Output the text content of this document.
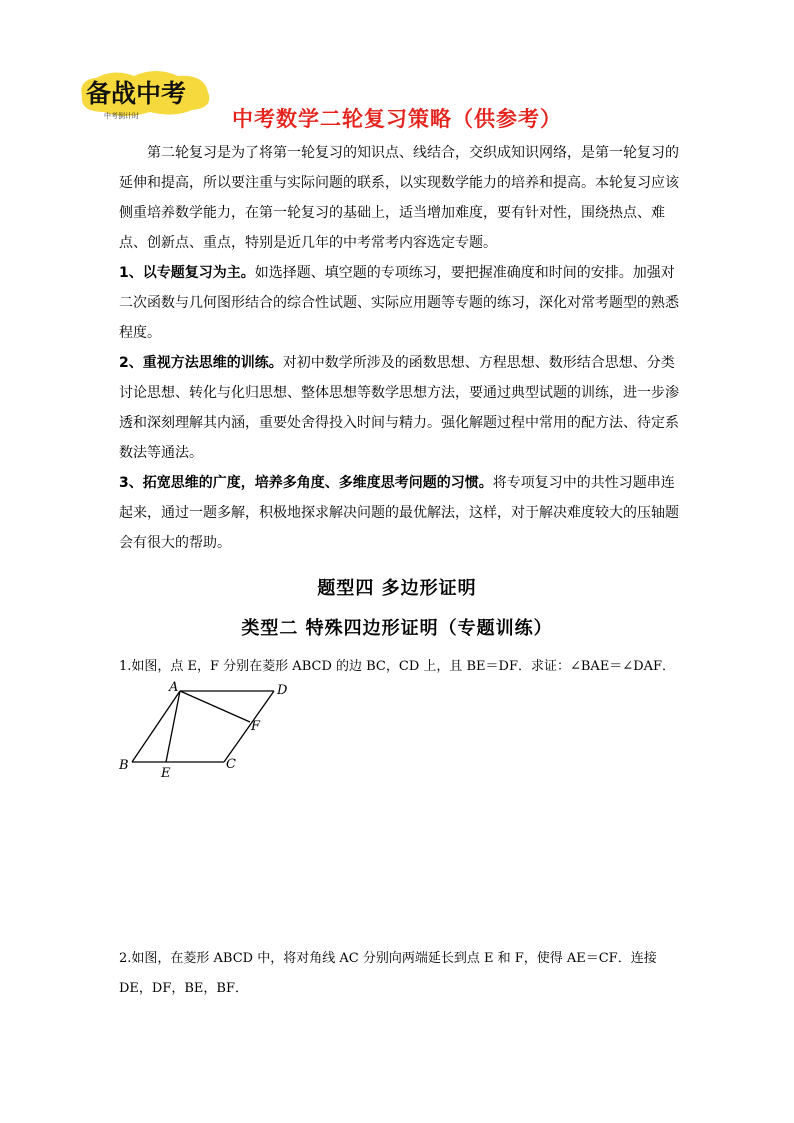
备战中考
中考倒计时	中考数学二轮复习策略（供参考）

第二轮复习是为了将第一轮复习的知识点、线结合，交织成知识网络，是第一轮复习的延伸和提高，所以要注重与实际问题的联系，以实现数学能力的培养和提高。本轮复习应该侧重培养数学能力，在第一轮复习的基础上，适当增加难度，要有针对性，围绕热点、难点、创新点、重点，特别是近几年的中考常考内容选定专题。

1、以专题复习为主。如选择题、填空题的专项练习，要把握准确度和时间的安排。加强对二次函数与几何图形结合的综合性试题、实际应用题等专题的练习，深化对常考题型的熟悉程度。

2、重视方法思维的训练。对初中数学所涉及的函数思想、方程思想、数形结合思想、分类讨论思想、转化与化归思想、整体思想等数学思想方法，要通过典型试题的训练，进一步渗透和深刻理解其内涵，重要处舍得投入时间与精力。强化解题过程中常用的配方法、待定系数法等通法。

3、拓宽思维的广度，培养多角度、多维度思考问题的习惯。将专项复习中的共性习题串连起来，通过一题多解，积极地探求解决问题的最优解法，这样，对于解决难度较大的压轴题会有很大的帮助。

题型四 多边形证明
类型二 特殊四边形证明（专题训练）
1.如图，点 E，F 分别在菱形 ABCD 的边 BC，CD 上，且 BE＝DF．求证：∠BAE＝∠DAF．
A	D
F
B
E
C
2.如图，在菱形 ABCD 中，将对角线 AC 分别向两端延长到点 E 和 F，使得 AE＝CF．连接 DE，DF，BE，BF．
